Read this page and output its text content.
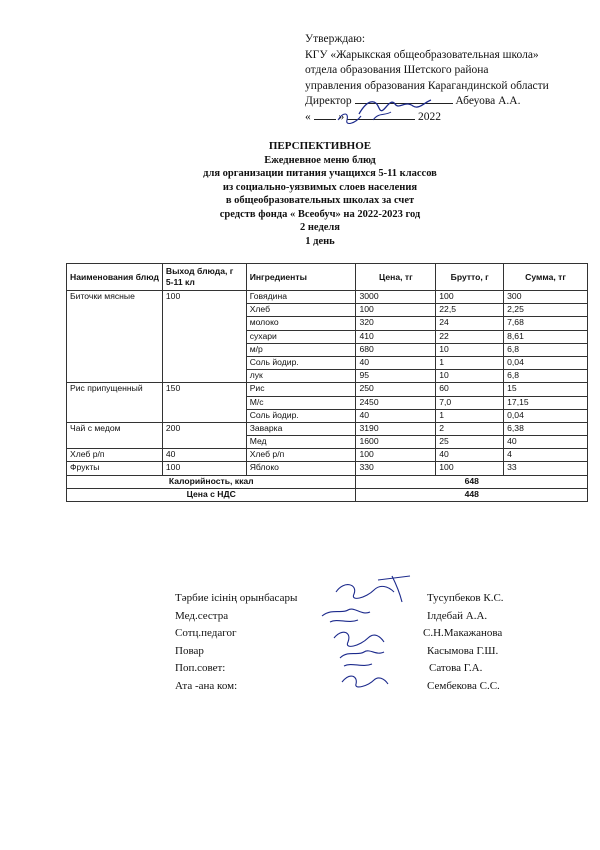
Утверждаю:
КГУ «Жарыкская общеобразовательная школа»
отдела образования Шетского района
управления образования Карагандинской области
Директор	Абеуова А.А.
« »	2022
ПЕРСПЕКТИВНОЕ
Ежедневное меню блюд
для организации питания учащихся 5-11 классов
из социально-уязвимых слоев населения
в общеобразовательных школах за счет
средств фонда « Всеобуч» на 2022-2023 год
2 неделя
1 день
Наименования блюд	Выход блюда, г 5-11 кл	Ингредиенты	Цена, тг	Брутто, г	Сумма, тг
Биточки мясные	100	Говядина	3000	100	300
		Хлеб	100	22,5	2,25
		молоко	320	24	7,68
		сухари	410	22	8,61
		м/р	680	10	6,8
		Соль йодир.	40	1	0,04
		лук	95	10	6,8
Рис припущенный	150	Рис	250	60	15
		М/с	2450	7,0	17,15
		Соль йодир.	40	1	0,04
Чай с медом	200	Заварка	3190	2	6,38
		Мед	1600	25	40
Хлеб р/п	40	Хлеб р/п	100	40	4
Фрукты	100	Яблоко	330	100	33
Калорийность, ккал			648		
Цена с НДС			448		
Тәрбие ісінің орынбасары	Тусупбеков К.С.
Мед.сестра	Ілдебай А.А.
Сотц.педагог	С.Н.Макажанова
Повар	Касымова Г.Ш.
Поп.совет:	Сатова Г.А.
Ата -ана ком:	Сембекова С.С.
